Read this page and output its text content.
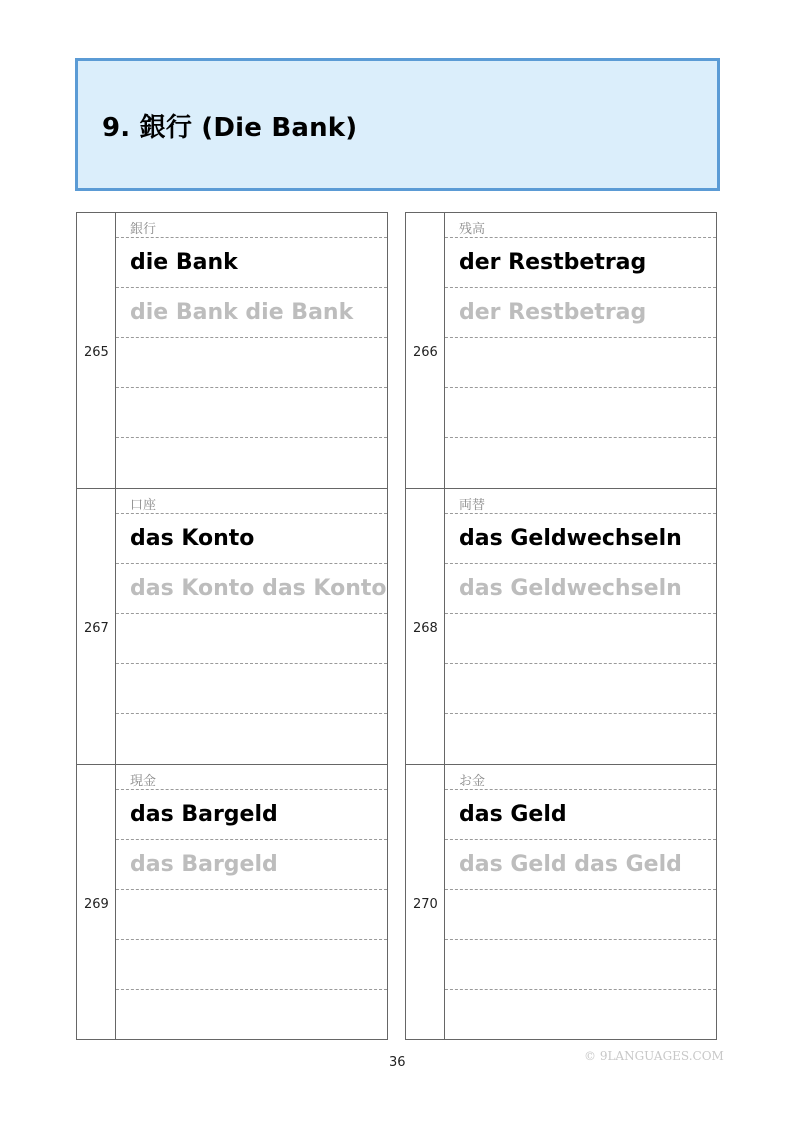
9. 銀行 (Die Bank)
265
銀行
die Bank
die Bank die Bank
267
口座
das Konto
das Konto das Konto
269
現金
das Bargeld
das Bargeld
266
残高
der Restbetrag
der Restbetrag
268
両替
das Geldwechseln
das Geldwechseln
270
お金
das Geld
das Geld das Geld
36	© 9LANGUAGES.COM
